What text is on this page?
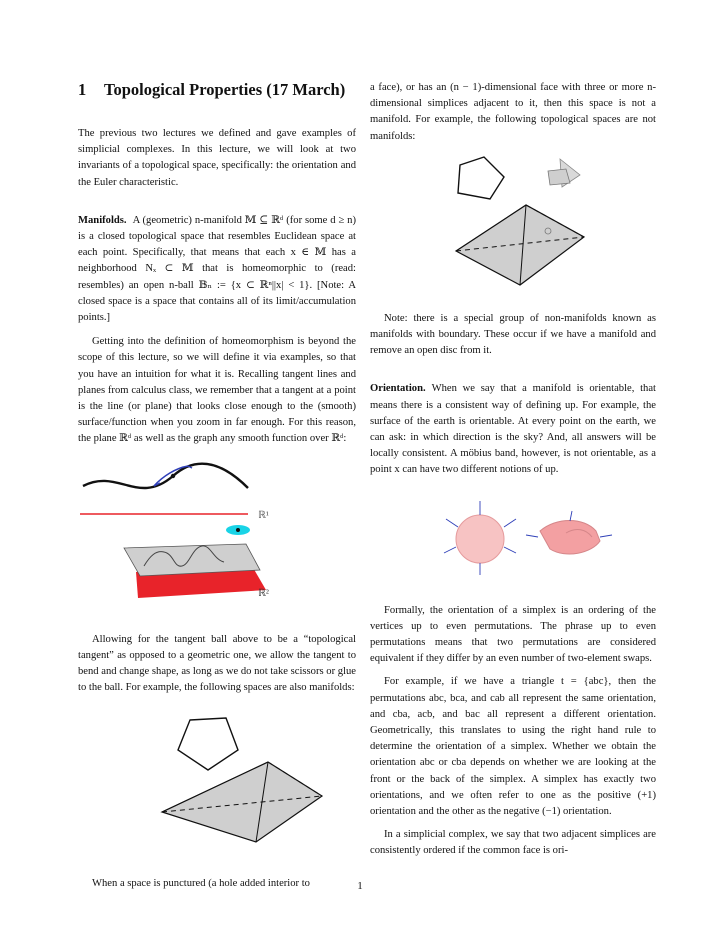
1 Topological Properties (17 March)

The previous two lectures we defined and gave examples of simplicial complexes. In this lecture, we will look at two invariants of a topological space, specifically: the orientation and the Euler characteristic.

Manifolds. A (geometric) n-manifold 𝕄 ⊆ ℝᵈ (for some d ≥ n) is a closed topological space that resembles Euclidean space at each point. Specifically, that means that each x ∈ 𝕄 has a neighborhood Nₓ ⊂ 𝕄 that is homeomorphic to (read: resembles) an open n-ball 𝔹ₙ := {x ⊂ ℝⁿ||x| < 1}. [Note: A closed space is a space that contains all of its limit/accumulation points.]

Getting into the definition of homeomorphism is beyond the scope of this lecture, so we will define it via examples, so that you have an intuition for what it is. Recalling tangent lines and planes from calculus class, we remember that a tangent at a point is the line (or plane) that looks close enough to the (smooth) surface/function when you zoom in far enough. For this reason, the plane ℝᵈ as well as the graph any smooth function over ℝᵈ:

ℝ¹
ℝ²

Allowing for the tangent ball above to be a “topological tangent” as opposed to a geometric one, we allow the tangent to bend and change shape, as long as we do not take scissors or glue to the ball. For example, the following spaces are also manifolds:

When a space is punctured (a hole added interior to

a face), or has an (n − 1)-dimensional face with three or more n-dimensional simplices adjacent to it, then this space is not a manifold. For example, the following topological spaces are not manifolds:

Note: there is a special group of non-manifolds known as manifolds with boundary. These occur if we have a manifold and remove an open disc from it.

Orientation. When we say that a manifold is orientable, that means there is a consistent way of defining up. For example, the surface of the earth is orientable. At every point on the earth, we can ask: in which direction is the sky? And, all answers will be locally consistent. A möbius band, however, is not orientable, as a point x can have two different notions of up.

Formally, the orientation of a simplex is an ordering of the vertices up to even permutations. The phrase up to even permutations means that two permutations are considered equivalent if they differ by an even number of two-element swaps.

For example, if we have a triangle t = {abc}, then the permutations abc, bca, and cab all represent the same orientation, and cba, acb, and bac all represent a different orientation. Geometrically, this translates to using the right hand rule to determine the orientation of a simplex. Whether we obtain the orientation abc or cba depends on whether we are looking at the front or the back of the simplex. A simplex has exactly two orientations, and we often refer to one as the positive (+1) orientation and the other as the negative (−1) orientation.

In a simplicial complex, we say that two adjacent simplices are consistently ordered if the common face is ori-

1
